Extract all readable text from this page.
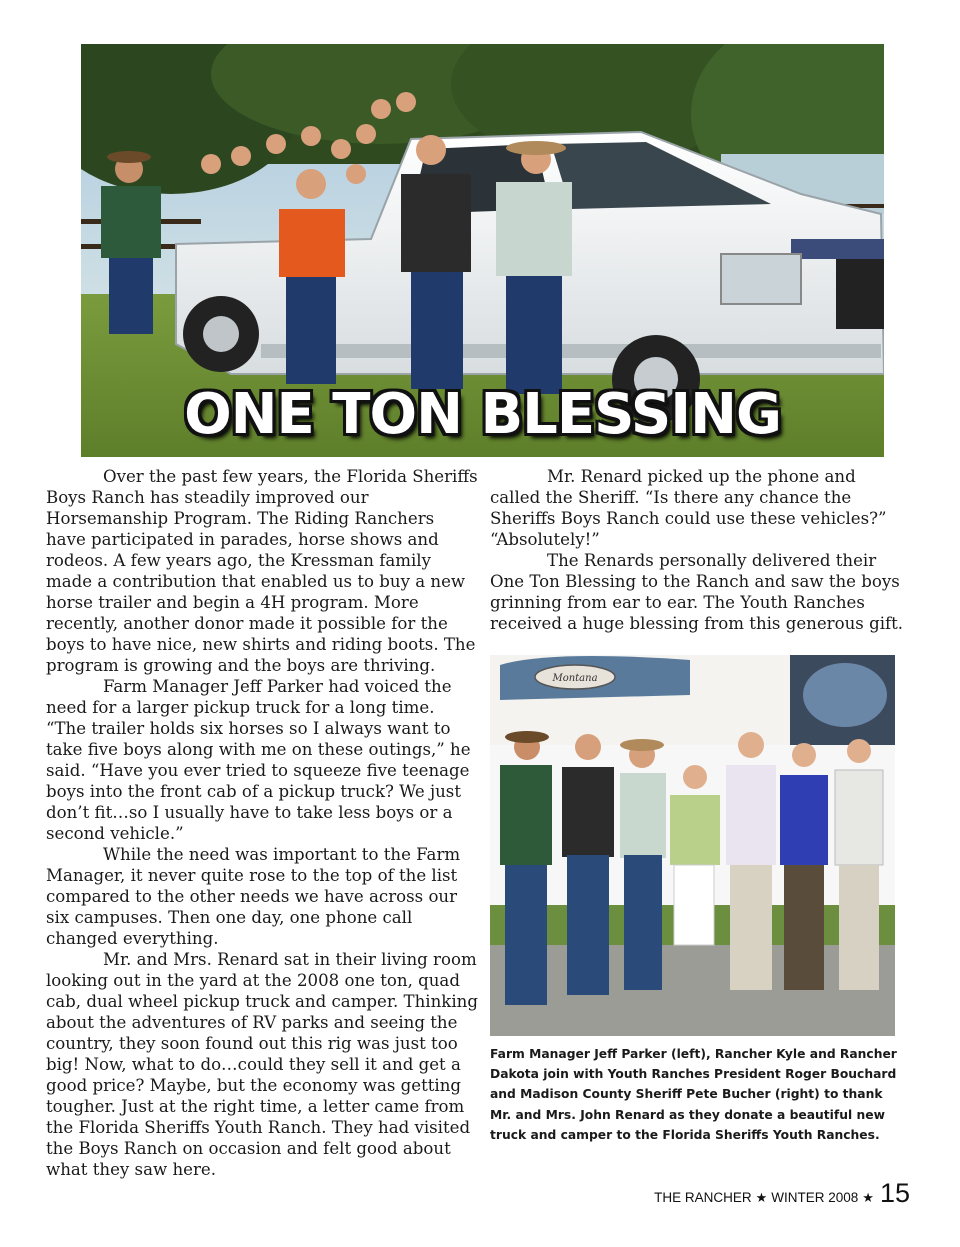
ONE TON BLESSING

Over the past few years, the Florida Sheriffs Boys Ranch has steadily improved our Horsemanship Program. The Riding Ranchers have participated in parades, horse shows and rodeos. A few years ago, the Kressman family made a contribution that enabled us to buy a new horse trailer and begin a 4H program. More recently, another donor made it possible for the boys to have nice, new shirts and riding boots. The program is growing and the boys are thriving.

Farm Manager Jeff Parker had voiced the need for a larger pickup truck for a long time. “The trailer holds six horses so I always want to take five boys along with me on these outings,” he said. “Have you ever tried to squeeze five teenage boys into the front cab of a pickup truck? We just don’t fit…so I usually have to take less boys or a second vehicle.”

While the need was important to the Farm Manager, it never quite rose to the top of the list compared to the other needs we have across our six campuses. Then one day, one phone call changed everything.

Mr. and Mrs. Renard sat in their living room looking out in the yard at the 2008 one ton, quad cab, dual wheel pickup truck and camper. Thinking about the adventures of RV parks and seeing the country, they soon found out this rig was just too big! Now, what to do…could they sell it and get a good price? Maybe, but the economy was getting tougher. Just at the right time, a letter came from the Florida Sheriffs Youth Ranch. They had visited the Boys Ranch on occasion and felt good about what they saw here.

Mr. Renard picked up the phone and called the Sheriff. “Is there any chance the Sheriffs Boys Ranch could use these vehicles?”

“Absolutely!”

The Renards personally delivered their One Ton Blessing to the Ranch and saw the boys grinning from ear to ear. The Youth Ranches received a huge blessing from this generous gift.

Montana
Farm Manager Jeff Parker (left), Rancher Kyle and Rancher Dakota join with Youth Ranches President Roger Bouchard and Madison County Sheriff Pete Bucher (right) to thank Mr. and Mrs. John Renard as they donate a beautiful new truck and camper to the Florida Sheriffs Youth Ranches.
THE RANCHER ★ WINTER 2008 ★ 15
